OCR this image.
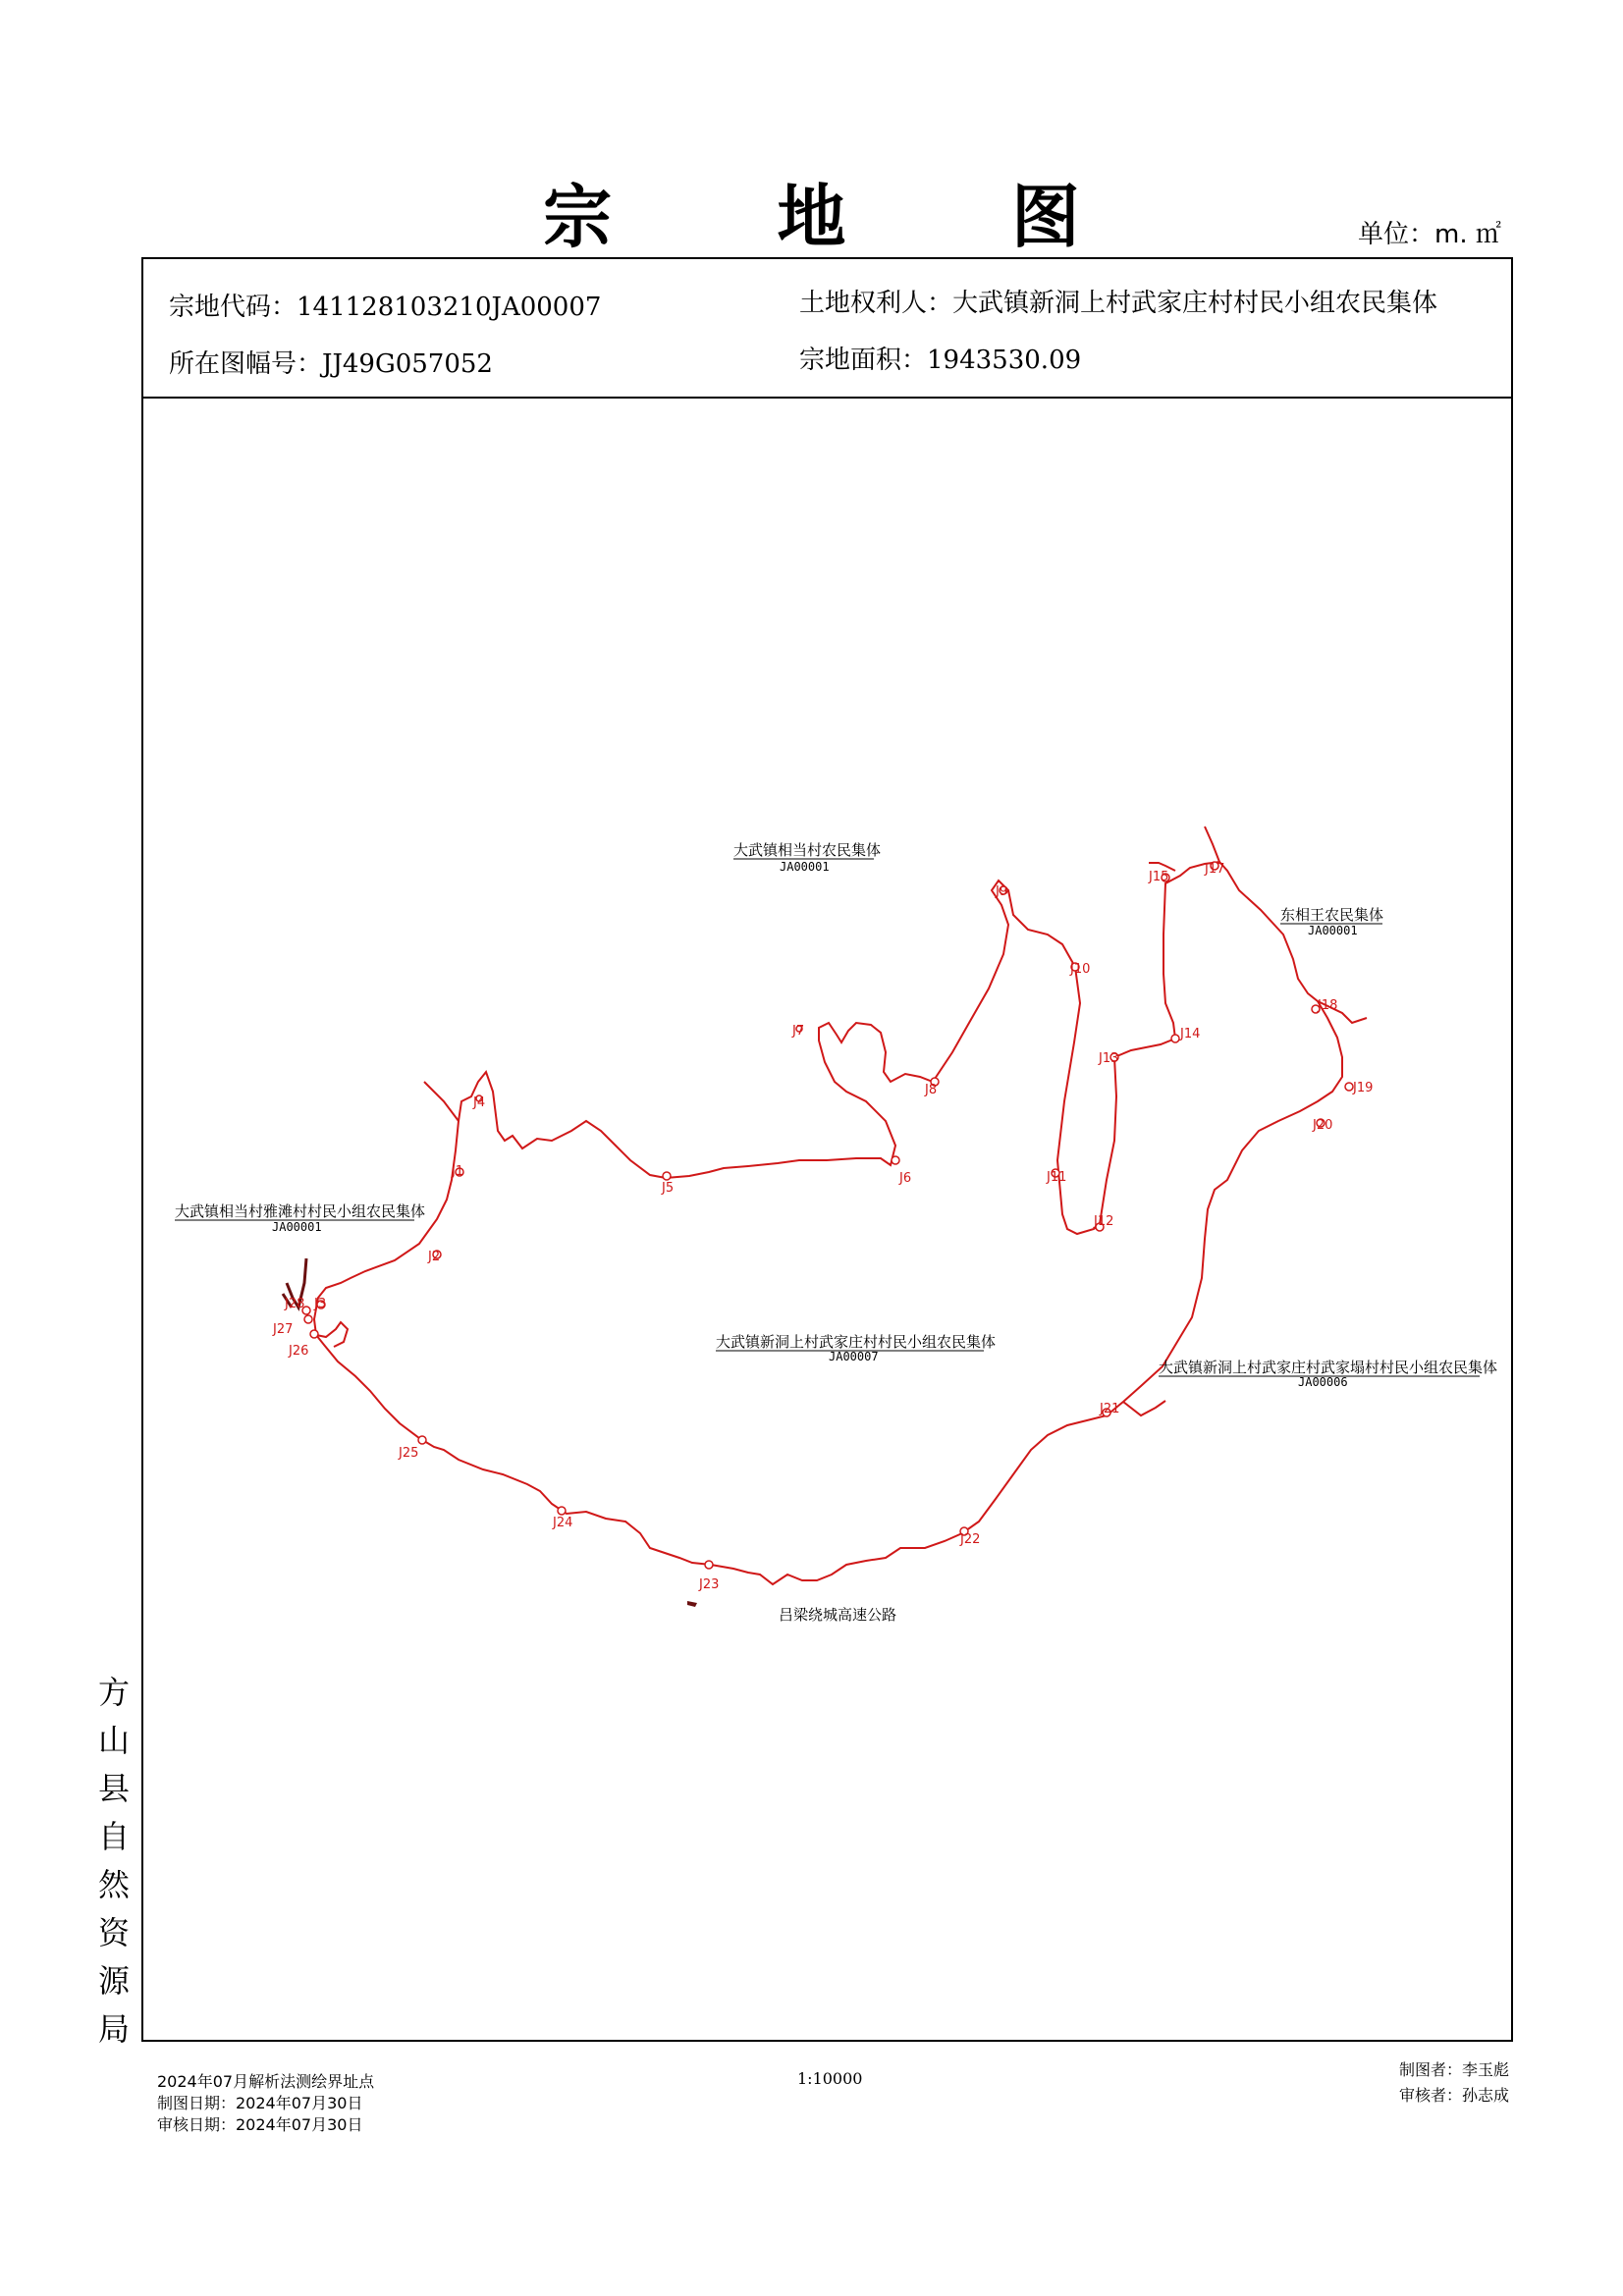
宗 地 图	单位：m. ㎡
宗地代码：141128103210JA00007	土地权利人：大武镇新洞上村武家庄村村民小组农民集体
所在图幅号：JJ49G057052	宗地面积：1943530.09
J1
J2
J3
J4
J5
J6
J7
J8
J9
J10
J11
J12
J13
J14
J15
J17
J18
J19
J20
J21
J22
J23
J24
J25
J26
J27
J28
大武镇相当村农民集体
JA00001
东相王农民集体
JA00001
大武镇相当村雅滩村村民小组农民集体
JA00001
大武镇新洞上村武家庄村村民小组农民集体
JA00007
大武镇新洞上村武家庄村武家塌村村民小组农民集体
JA00006
吕梁绕城高速公路
方
山
县
自
然
资
源
局
2024年07月解析法测绘界址点
制图日期：2024年07月30日
审核日期：2024年07月30日
1:10000	制图者：李玉彪
审核者：孙志成
